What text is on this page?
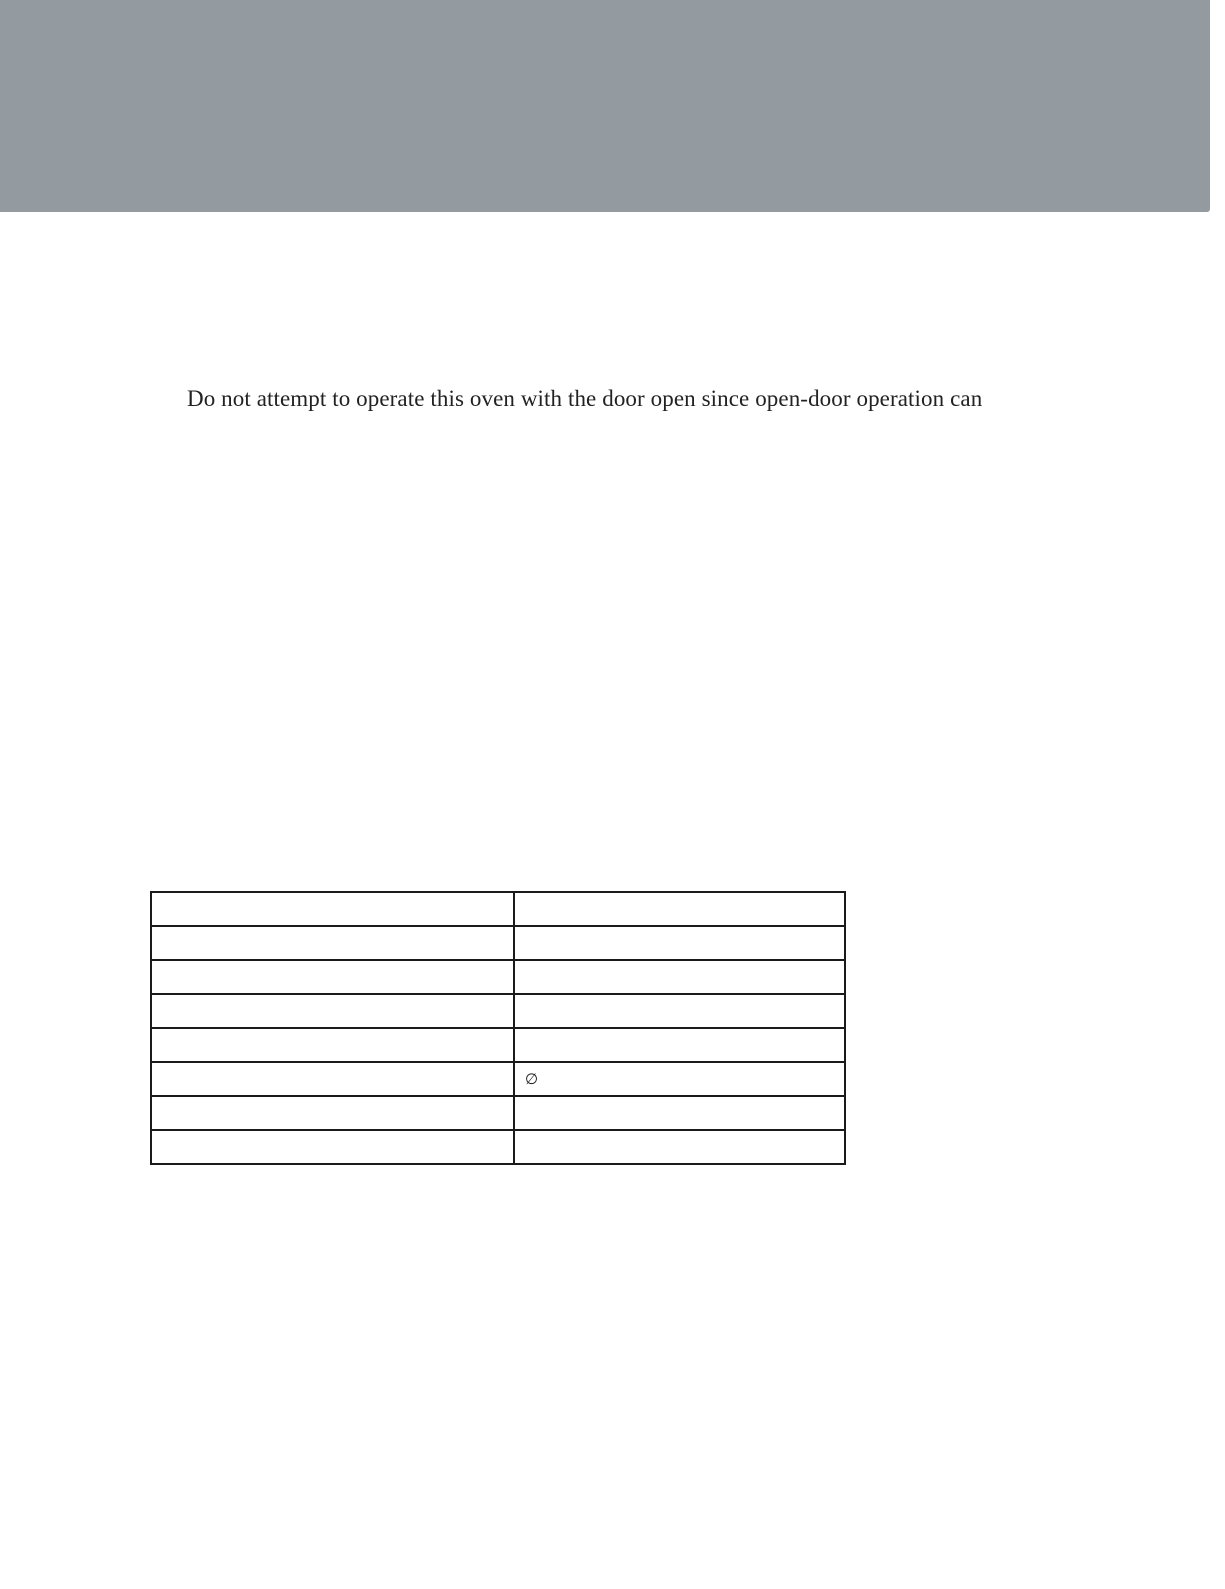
Do not attempt to operate this oven with the door open since open-door operation can

	∅
